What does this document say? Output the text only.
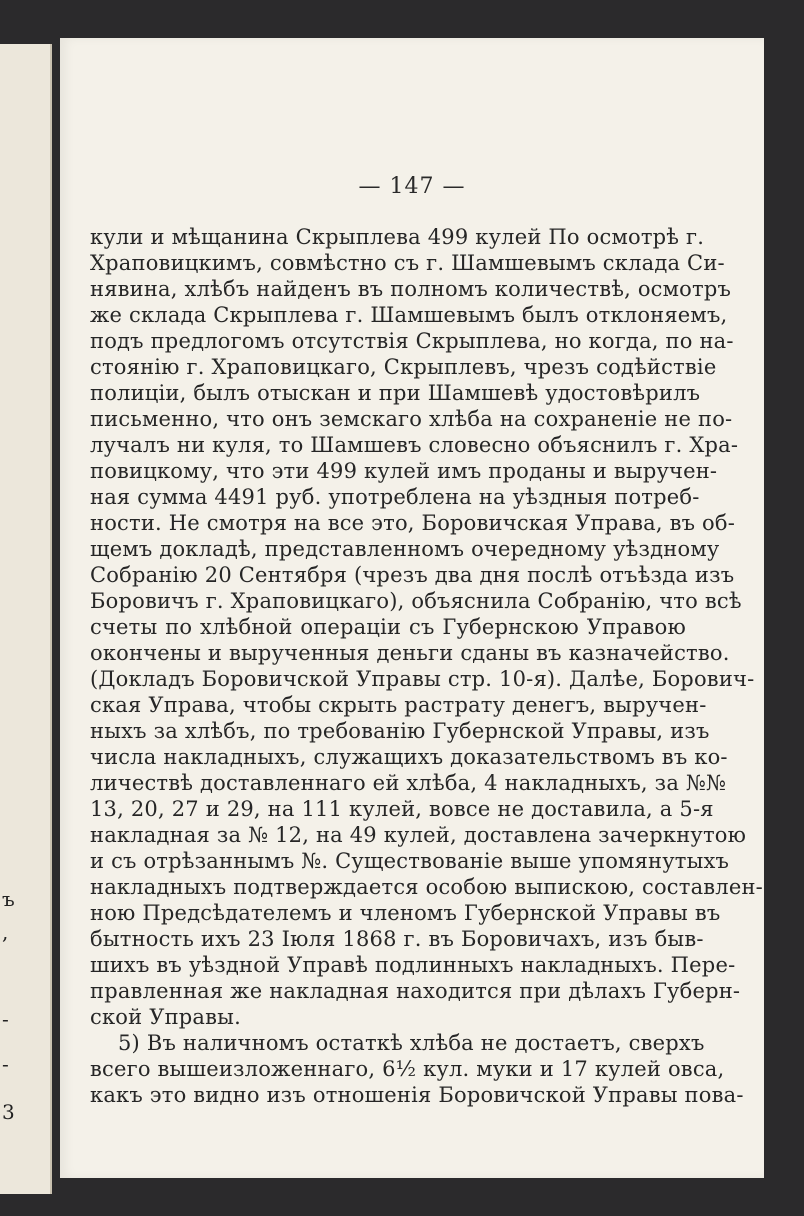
ъ
,
-
-
3
— 147 —
кули и мѣщанина Скрыплева 499 кулей По осмотрѣ г.
Храповицкимъ, совмѣстно съ г. Шамшевымъ склада Си-
нявина, хлѣбъ найденъ въ полномъ количествѣ, осмотръ
же склада Скрыплева г. Шамшевымъ былъ отклоняемъ,
подъ предлогомъ отсутствія Скрыплева, но когда, по на-
стоянію г. Храповицкаго, Скрыплевъ, чрезъ содѣйствіе
полиціи, былъ отыскан и при Шамшевѣ удостовѣрилъ
письменно, что онъ земскаго хлѣба на сохраненіе не по-
лучалъ ни куля, то Шамшевъ словесно объяснилъ г. Хра-
повицкому, что эти 499 кулей имъ проданы и выручен-
ная сумма 4491 руб. употреблена на уѣздныя потреб-
ности. Не смотря на все это, Боровичская Управа, въ об-
щемъ докладѣ, представленномъ очередному уѣздному
Собранію 20 Сентября (чрезъ два дня послѣ отъѣзда изъ
Боровичъ г. Храповицкаго), объяснила Собранію, что всѣ
счеты по хлѣбной операціи съ Губернскою Управою
окончены и вырученныя деньги сданы въ казначейство.
(Докладъ Боровичской Управы стр. 10-я). Далѣе, Борович-
ская Управа, чтобы скрыть растрату денегъ, выручен-
ныхъ за хлѣбъ, по требованію Губернской Управы, изъ
числа накладныхъ, служащихъ доказательствомъ въ ко-
личествѣ доставленнаго ей хлѣба, 4 накладныхъ, за №№
13, 20, 27 и 29, на 111 кулей, вовсе не доставила, а 5-я
накладная за № 12, на 49 кулей, доставлена зачеркнутою
и съ отрѣзаннымъ №. Существованіе выше упомянутыхъ
накладныхъ подтверждается особою выпискою, составлен-
ною Предсѣдателемъ и членомъ Губернской Управы въ
бытность ихъ 23 Іюля 1868 г. въ Боровичахъ, изъ быв-
шихъ въ уѣздной Управѣ подлинныхъ накладныхъ. Пере-
правленная же накладная находится при дѣлахъ Губерн-
ской Управы.
5) Въ наличномъ остаткѣ хлѣба не достаетъ, сверхъ
всего вышеизложеннаго, 6½ кул. муки и 17 кулей овса,
какъ это видно изъ отношенія Боровичской Управы пова-
